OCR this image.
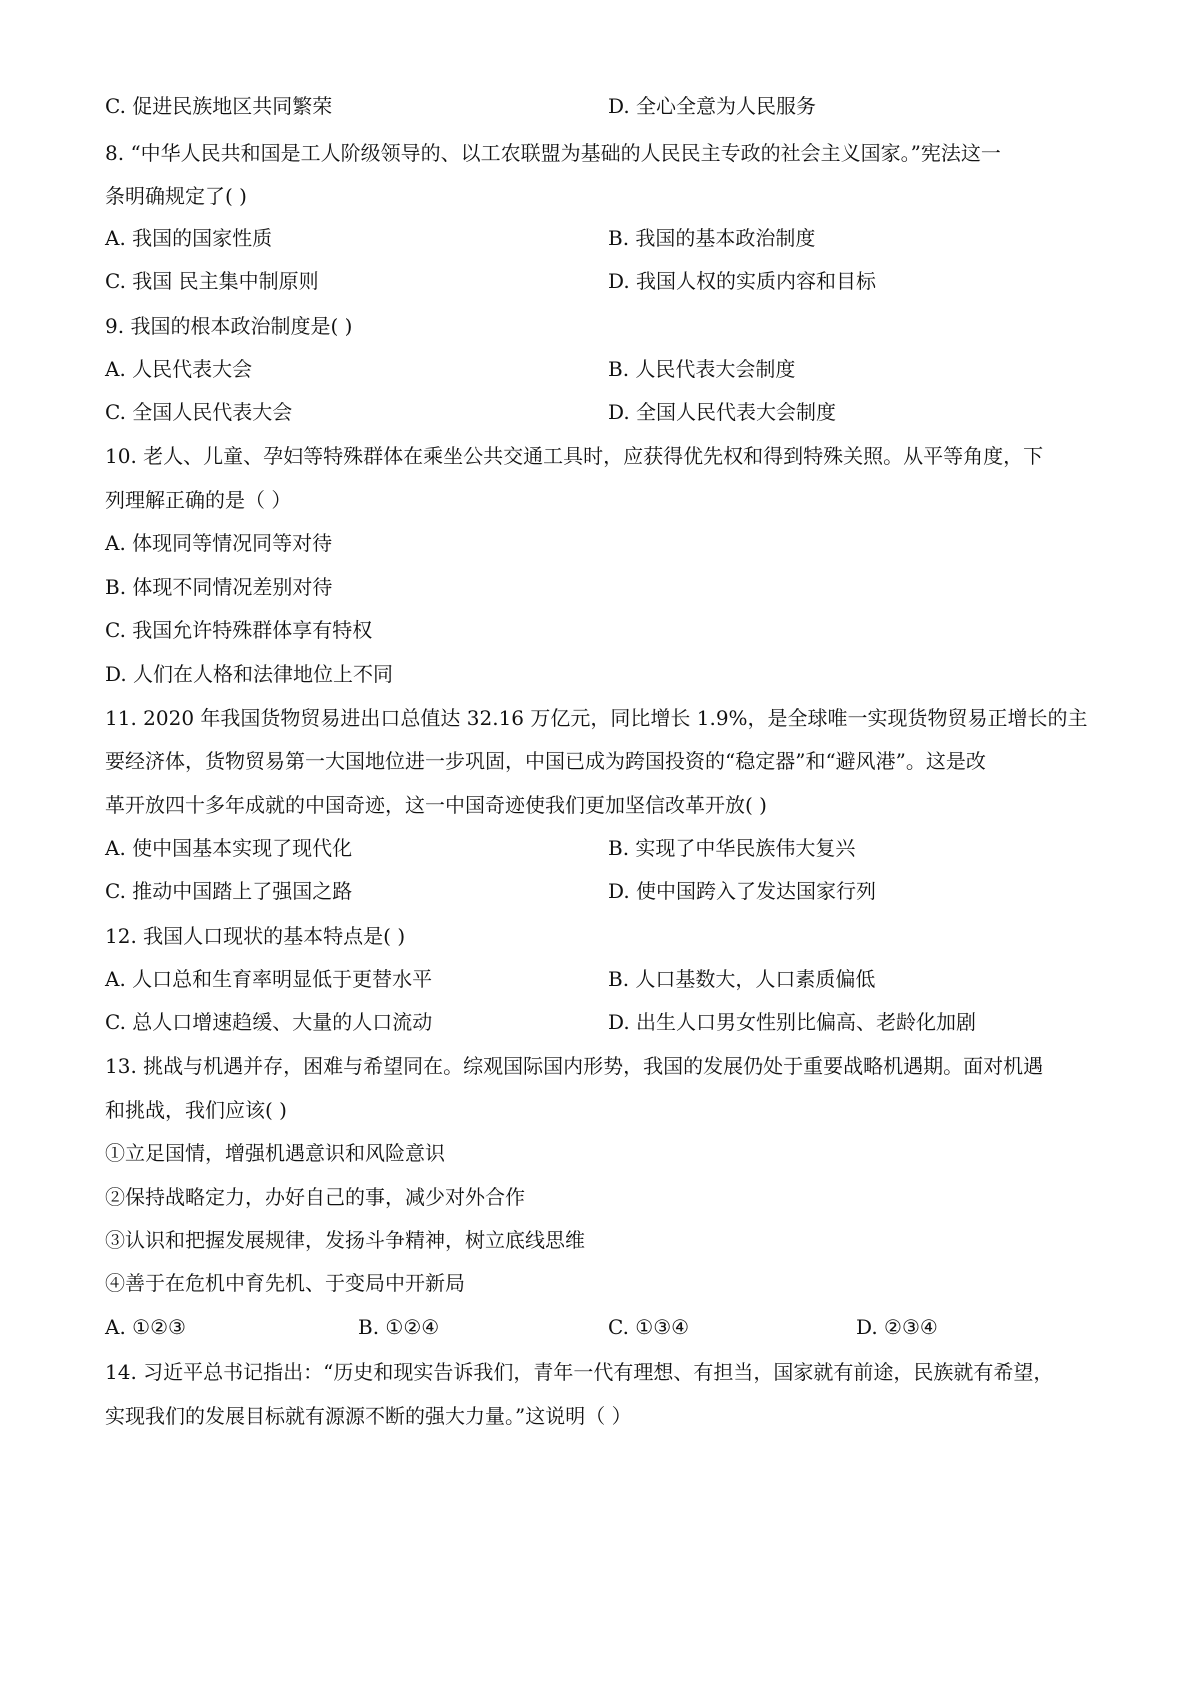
C. 促进民族地区共同繁荣	D. 全心全意为人民服务
8. “中华人民共和国是工人阶级领导的、以工农联盟为基础的人民民主专政的社会主义国家。”宪法这一
条明确规定了( )
A. 我国的国家性质	B. 我国的基本政治制度
C. 我国 民主集中制原则	D. 我国人权的实质内容和目标
9. 我国的根本政治制度是( )
A. 人民代表大会	B. 人民代表大会制度
C. 全国人民代表大会	D. 全国人民代表大会制度
10. 老人、儿童、孕妇等特殊群体在乘坐公共交通工具时，应获得优先权和得到特殊关照。从平等角度，下
列理解正确的是（ ）
A. 体现同等情况同等对待
B. 体现不同情况差别对待
C. 我国允许特殊群体享有特权
D. 人们在人格和法律地位上不同
11. 2020 年我国货物贸易进出口总值达 32.16 万亿元，同比增长 1.9%，是全球唯一实现货物贸易正增长的主
要经济体，货物贸易第一大国地位进一步巩固，中国已成为跨国投资的“稳定器”和“避风港”。这是改
革开放四十多年成就的中国奇迹，这一中国奇迹使我们更加坚信改革开放( )
A. 使中国基本实现了现代化	B. 实现了中华民族伟大复兴
C. 推动中国踏上了强国之路	D. 使中国跨入了发达国家行列
12. 我国人口现状的基本特点是( )
A. 人口总和生育率明显低于更替水平	B. 人口基数大，人口素质偏低
C. 总人口增速趋缓、大量的人口流动	D. 出生人口男女性别比偏高、老龄化加剧
13. 挑战与机遇并存，困难与希望同在。综观国际国内形势，我国的发展仍处于重要战略机遇期。面对机遇
和挑战，我们应该( )
①立足国情，增强机遇意识和风险意识
②保持战略定力，办好自己的事，减少对外合作
③认识和把握发展规律，发扬斗争精神，树立底线思维
④善于在危机中育先机、于变局中开新局
A. ①②③	B. ①②④	C. ①③④	D. ②③④
14. 习近平总书记指出：“历史和现实告诉我们，青年一代有理想、有担当，国家就有前途，民族就有希望，
实现我们的发展目标就有源源不断的强大力量。”这说明（ ）
